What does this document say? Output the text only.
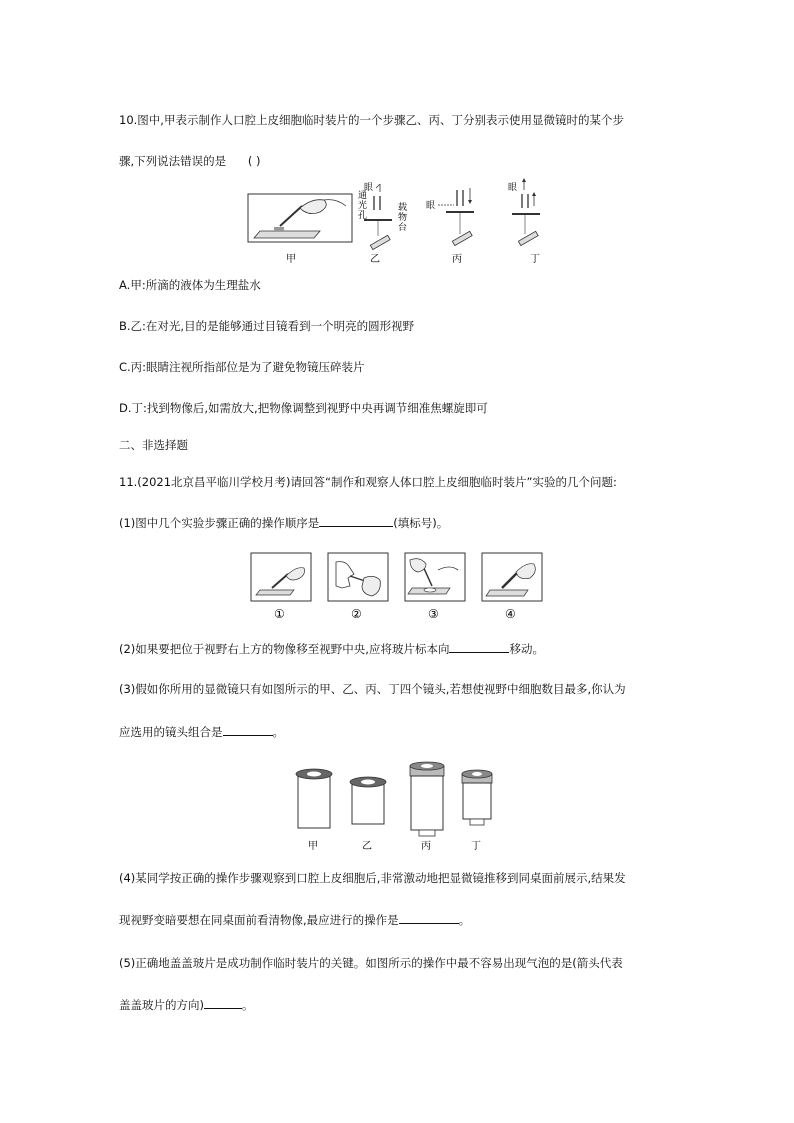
10.图中,甲表示制作人口腔上皮细胞临时装片的一个步骤乙、丙、丁分别表示使用显微镜时的某个步
骤,下列说法错误的是 ( )
眼
通
光
孔
载
物
台
眼
眼
甲	乙	丙	丁
A.甲:所滴的液体为生理盐水
B.乙:在对光,目的是能够通过目镜看到一个明亮的圆形视野
C.丙:眼睛注视所指部位是为了避免物镜压碎装片
D.丁:找到物像后,如需放大,把物像调整到视野中央再调节细准焦螺旋即可
二、非选择题
11.(2021北京昌平临川学校月考)请回答“制作和观察人体口腔上皮细胞临时装片”实验的几个问题:
(1)图中几个实验步骤正确的操作顺序是	(填标号)。
①	②	③	④
(2)如果要把位于视野右上方的物像移至视野中央,应将玻片标本向	移动。
(3)假如你所用的显微镜只有如图所示的甲、乙、丙、丁四个镜头,若想使视野中细胞数目最多,你认为
应选用的镜头组合是	。
甲	乙	丙	丁
(4)某同学按正确的操作步骤观察到口腔上皮细胞后,非常激动地把显微镜推移到同桌面前展示,结果发
现视野变暗要想在同桌面前看清物像,最应进行的操作是	。
(5)正确地盖盖玻片是成功制作临时装片的关键。如图所示的操作中最不容易出现气泡的是(箭头代表
盖盖玻片的方向)	。
